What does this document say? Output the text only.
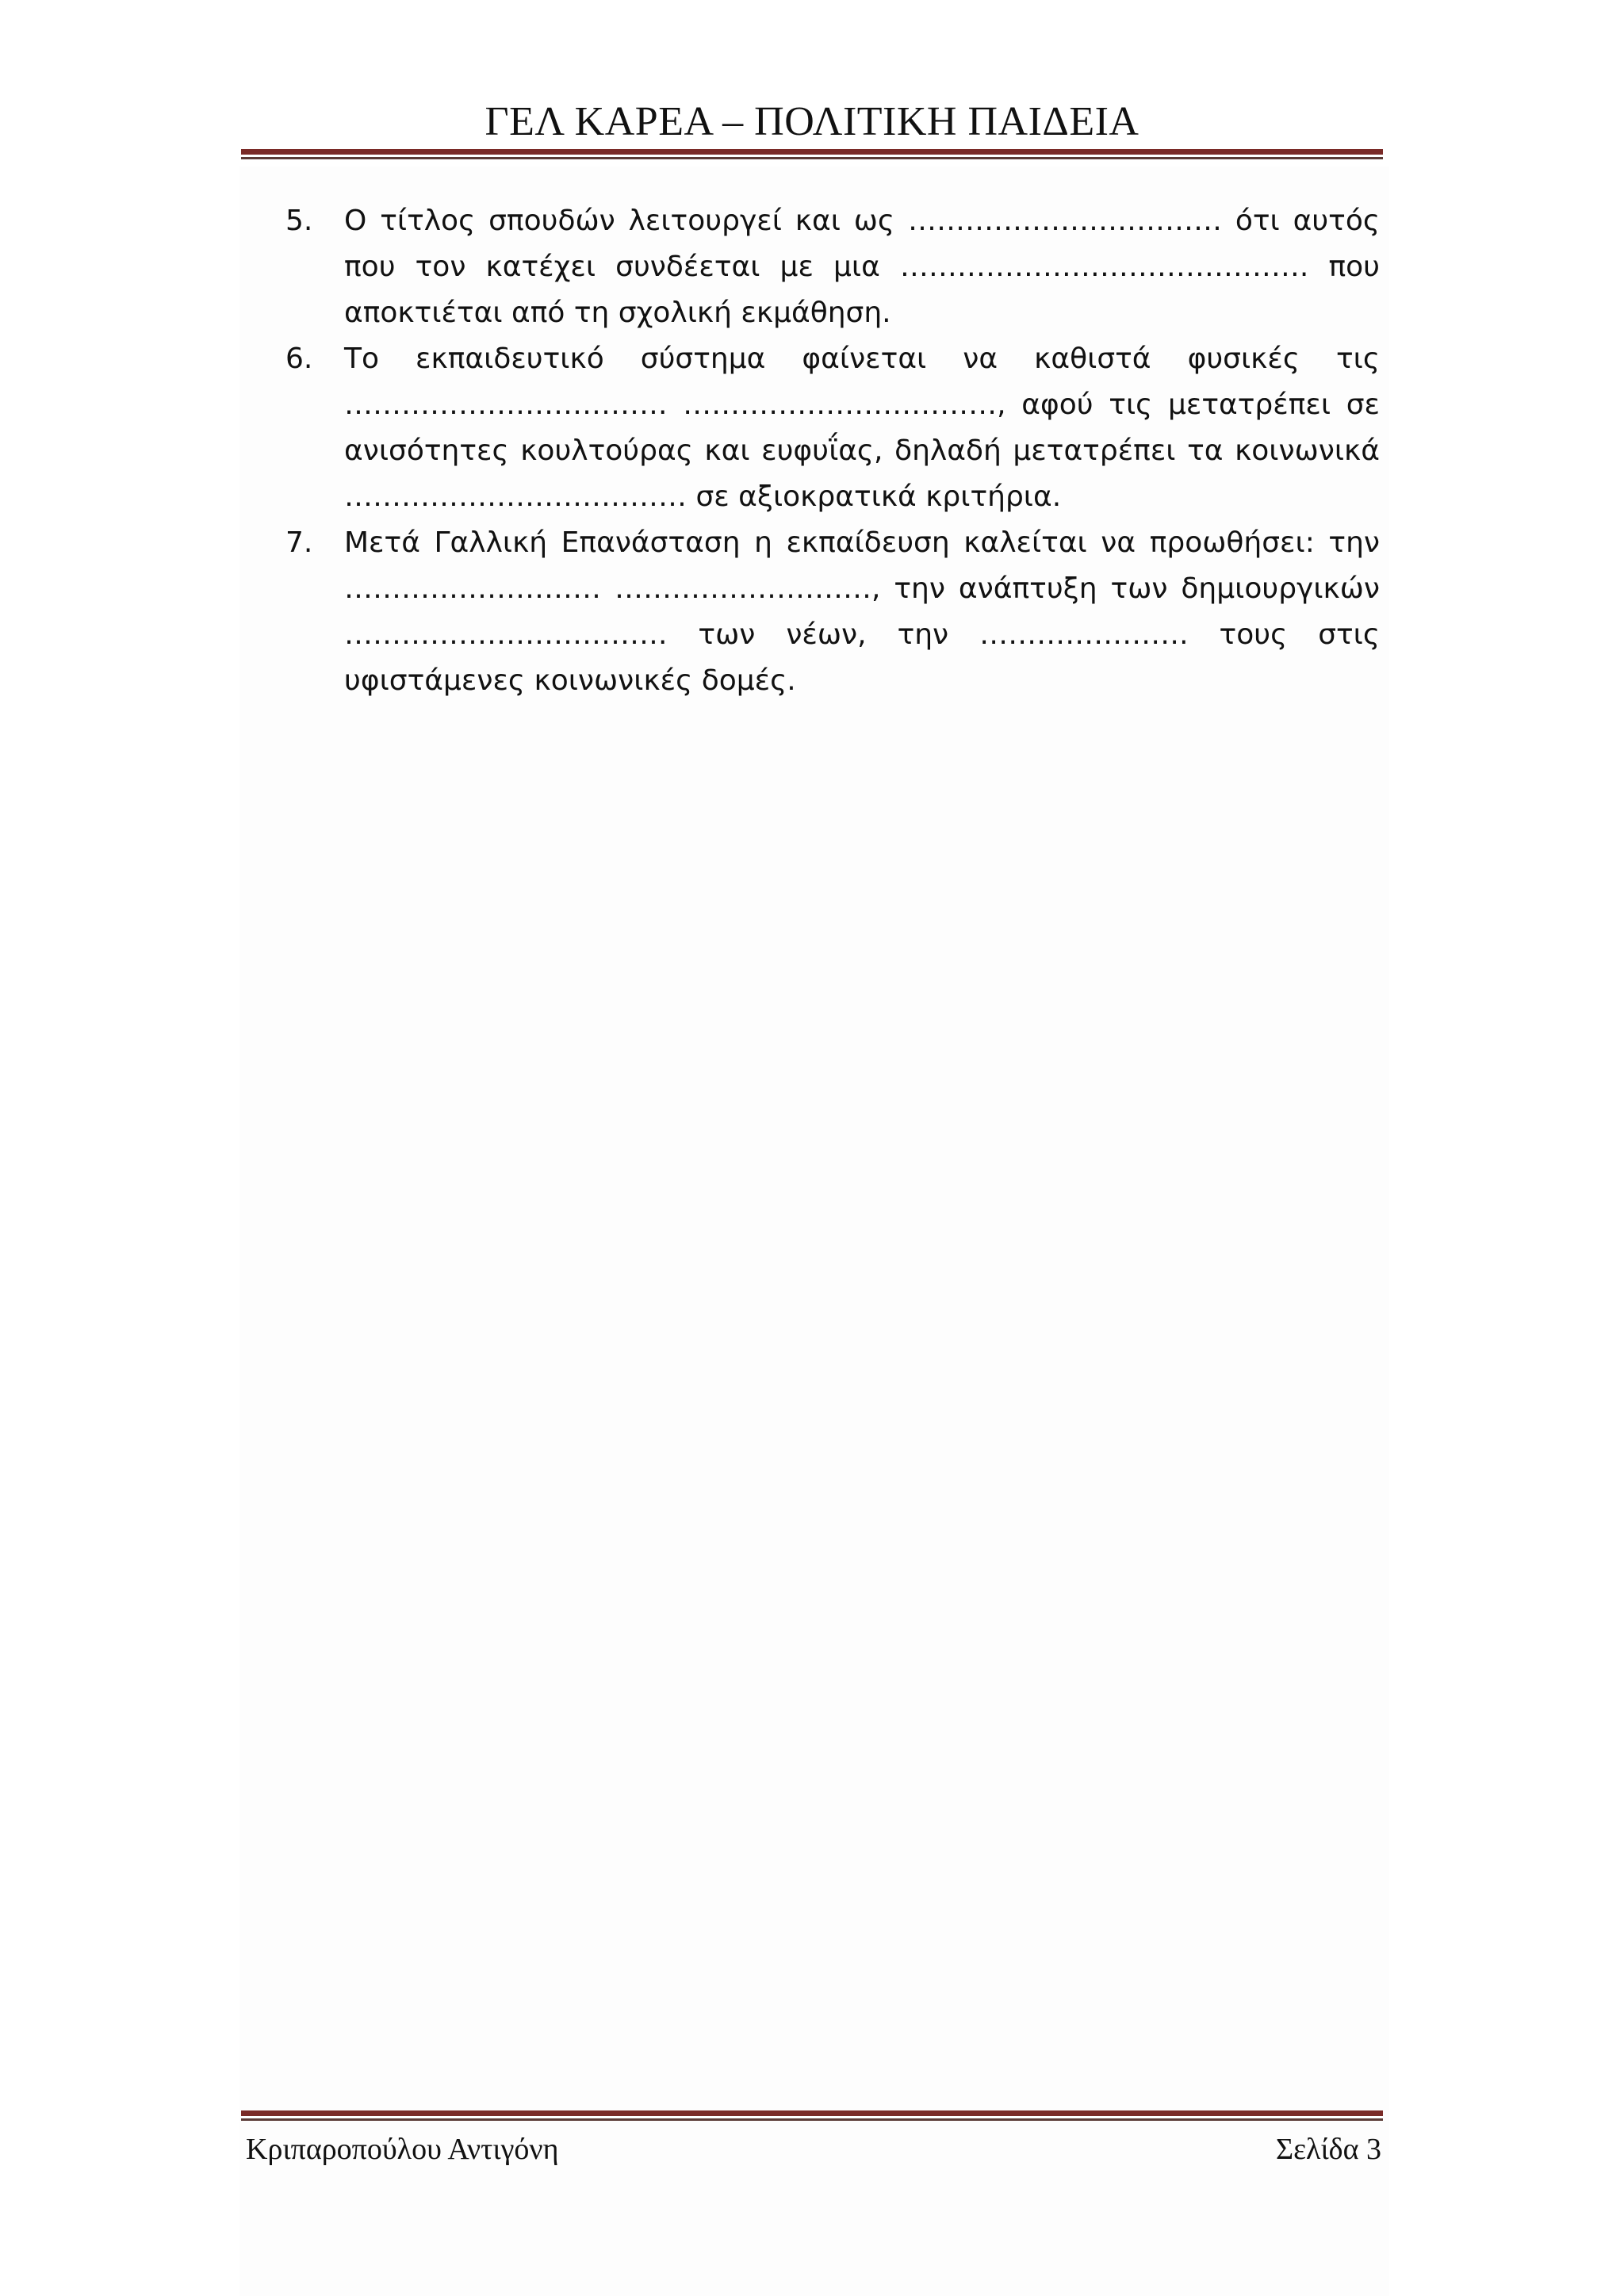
ΓΕΛ ΚΑΡΕΑ – ΠΟΛΙΤΙΚΗ ΠΑΙΔΕΙΑ
5.	Ο τίτλος σπουδών λειτουργεί και ως …………………………… ότι αυτός που τον κατέχει συνδέεται με μια ……………………………………. που αποκτιέται από τη σχολική εκμάθηση.
6.	Το εκπαιδευτικό σύστημα φαίνεται να καθιστά φυσικές τις ……………………………. ……………………………, αφού τις μετατρέπει σε ανισότητες κουλτούρας και ευφυΐας, δηλαδή μετατρέπει τα κοινωνικά ……………………………… σε αξιοκρατικά κριτήρια.
7.	Μετά Γαλλική Επανάσταση η εκπαίδευση καλείται να προωθήσει: την ……………………… ………………………, την ανάπτυξη των δημιουργικών ……………………………. των νέων, την …………………. τους στις υφιστάμενες κοινωνικές δομές.
Κριπαροπούλου Αντιγόνη	Σελίδα 3
